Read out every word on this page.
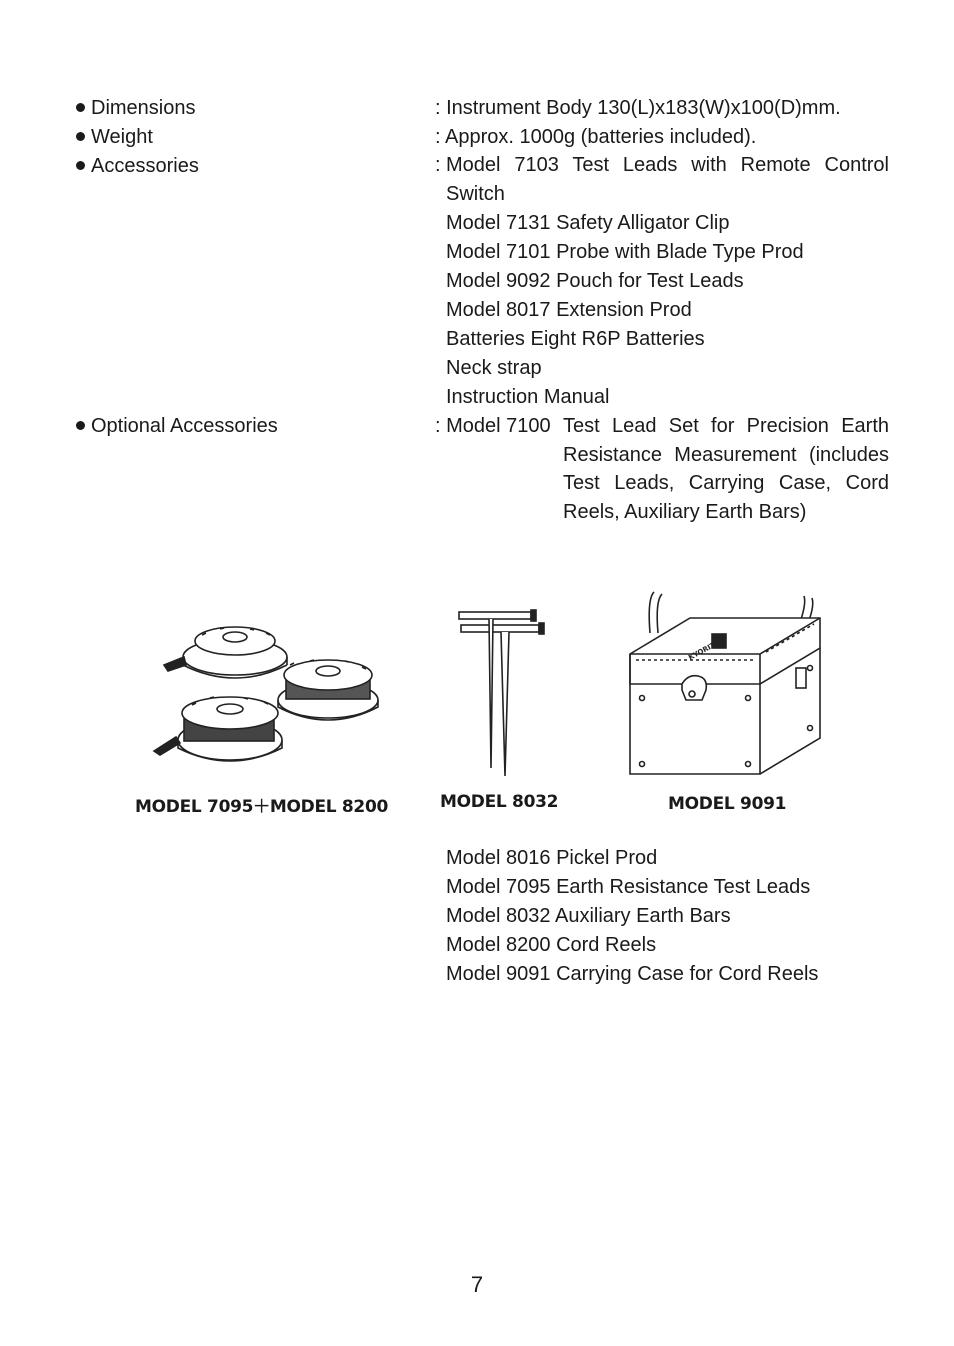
Dimensions
Weight
Accessories
Optional Accessories
: Instrument Body 130(L)x183(W)x100(D)mm.
: Approx. 1000g (batteries included).
: Model 7103 Test Leads with Remote Control
Switch
Model 7131 Safety Alligator Clip
Model 7101 Probe with Blade Type Prod
Model 9092 Pouch for Test Leads
Model 8017 Extension Prod
Batteries Eight R6P Batteries
Neck strap
Instruction Manual
: Model 7100 Test Lead Set for Precision Earth
Resistance Measurement (includes
Test Leads, Carrying Case, Cord
Reels, Auxiliary Earth Bars)
MODEL 7095＋MODEL 8200	MODEL 8032
KYORITSU
MODEL 9091
Model 8016 Pickel Prod
Model 7095 Earth Resistance Test Leads
Model 8032 Auxiliary Earth Bars
Model 8200 Cord Reels
Model 9091 Carrying Case for Cord Reels
7
